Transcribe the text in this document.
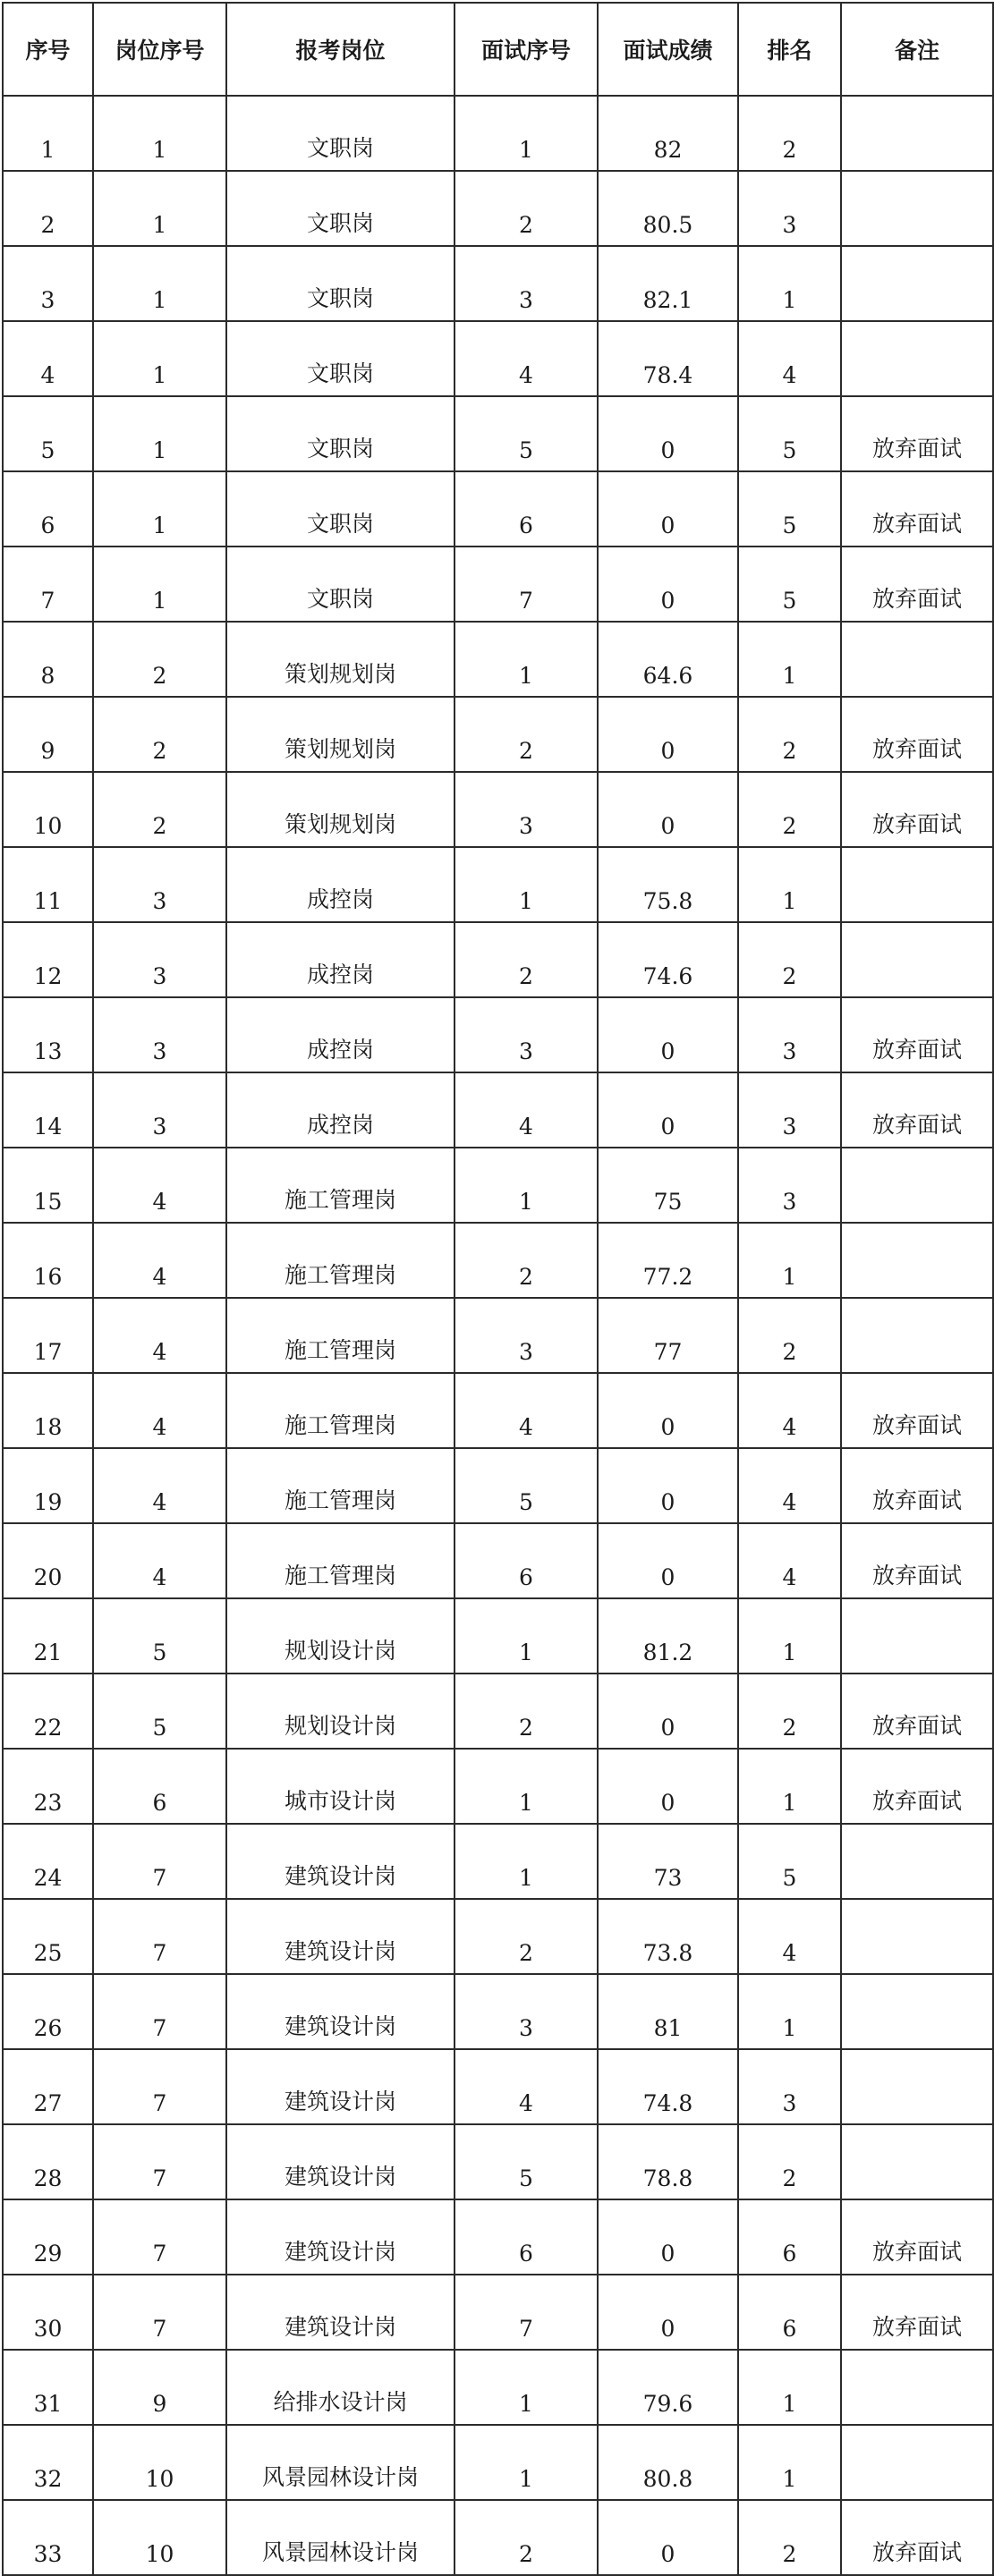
序号	岗位序号	报考岗位	面试序号	面试成绩	排名	备注
1	1	文职岗	1	82	2	
2	1	文职岗	2	80.5	3	
3	1	文职岗	3	82.1	1	
4	1	文职岗	4	78.4	4	
5	1	文职岗	5	0	5	放弃面试
6	1	文职岗	6	0	5	放弃面试
7	1	文职岗	7	0	5	放弃面试
8	2	策划规划岗	1	64.6	1	
9	2	策划规划岗	2	0	2	放弃面试
10	2	策划规划岗	3	0	2	放弃面试
11	3	成控岗	1	75.8	1	
12	3	成控岗	2	74.6	2	
13	3	成控岗	3	0	3	放弃面试
14	3	成控岗	4	0	3	放弃面试
15	4	施工管理岗	1	75	3	
16	4	施工管理岗	2	77.2	1	
17	4	施工管理岗	3	77	2	
18	4	施工管理岗	4	0	4	放弃面试
19	4	施工管理岗	5	0	4	放弃面试
20	4	施工管理岗	6	0	4	放弃面试
21	5	规划设计岗	1	81.2	1	
22	5	规划设计岗	2	0	2	放弃面试
23	6	城市设计岗	1	0	1	放弃面试
24	7	建筑设计岗	1	73	5	
25	7	建筑设计岗	2	73.8	4	
26	7	建筑设计岗	3	81	1	
27	7	建筑设计岗	4	74.8	3	
28	7	建筑设计岗	5	78.8	2	
29	7	建筑设计岗	6	0	6	放弃面试
30	7	建筑设计岗	7	0	6	放弃面试
31	9	给排水设计岗	1	79.6	1	
32	10	风景园林设计岗	1	80.8	1	
33	10	风景园林设计岗	2	0	2	放弃面试
